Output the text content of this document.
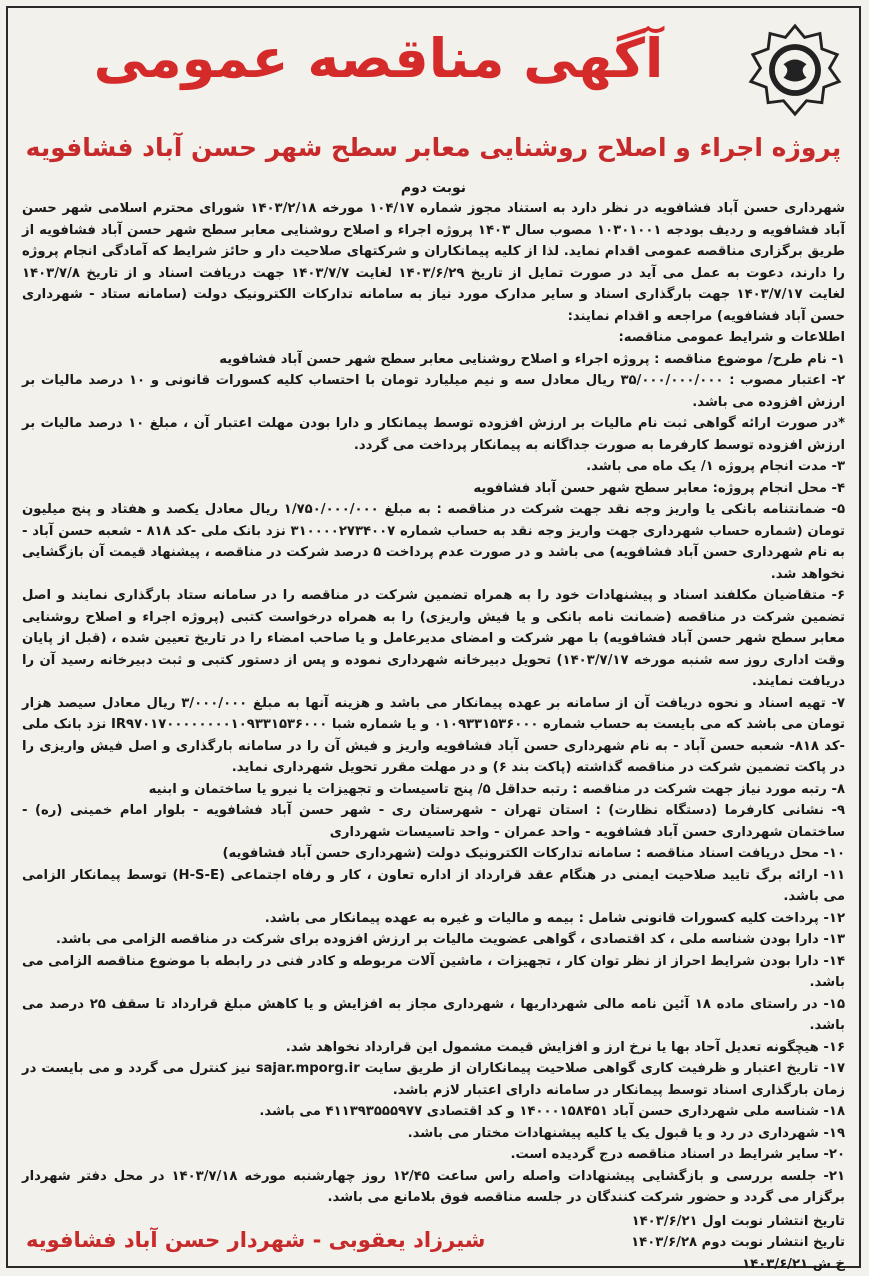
آگهی مناقصه عمومی
پروژه اجراء و اصلاح روشنایی معابر سطح شهر حسن آباد فشافویه
نوبت دوم

شهرداری حسن آباد فشافویه در نظر دارد به استناد مجوز شماره ۱۰۴/۱۷ مورخه ۱۴۰۳/۲/۱۸ شورای محترم اسلامی شهر حسن آباد فشافویه و ردیف بودجه ۱۰۳۰۱۰۰۱ مصوب سال ۱۴۰۳ پروژه اجراء و اصلاح روشنایی معابر سطح شهر حسن آباد فشافویه از طریق برگزاری مناقصه عمومی اقدام نماید. لذا از کلیه پیمانکاران و شرکتهای صلاحیت دار و حائز شرایط که آمادگی انجام پروژه را دارند، دعوت به عمل می آید در صورت تمایل از تاریخ ۱۴۰۳/۶/۲۹ لغایت ۱۴۰۳/۷/۷ جهت دریافت اسناد و از تاریخ ۱۴۰۳/۷/۸ لغایت ۱۴۰۳/۷/۱۷ جهت بارگذاری اسناد و سایر مدارک مورد نیاز به سامانه تدارکات الکترونیک دولت (سامانه ستاد - شهرداری حسن آباد فشافویه) مراجعه و اقدام نمایند:

اطلاعات و شرایط عمومی مناقصه:

۱- نام طرح/ موضوع مناقصه : پروژه اجراء و اصلاح روشنایی معابر سطح شهر حسن آباد فشافویه

۲- اعتبار مصوب : ۳۵/۰۰۰/۰۰۰/۰۰۰ ریال معادل سه و نیم میلیارد تومان با احتساب کلیه کسورات قانونی و ۱۰ درصد مالیات بر ارزش افزوده می باشد.

*در صورت ارائه گواهی ثبت نام مالیات بر ارزش افزوده توسط پیمانکار و دارا بودن مهلت اعتبار آن ، مبلغ ۱۰ درصد مالیات بر ارزش افزوده توسط کارفرما به صورت جداگانه به پیمانکار پرداخت می گردد.

۳- مدت انجام پروژه ۱/ یک ماه می باشد.

۴- محل انجام پروژه: معابر سطح شهر حسن آباد فشافویه

۵- ضمانتنامه بانکی یا واریز وجه نقد جهت شرکت در مناقصه : به مبلغ ۱/۷۵۰/۰۰۰/۰۰۰ ریال معادل یکصد و هفتاد و پنج میلیون تومان (شماره حساب شهرداری جهت واریز وجه نقد به حساب شماره ۳۱۰۰۰۰۲۷۳۴۰۰۷ نزد بانک ملی -کد ۸۱۸ - شعبه حسن آباد - به نام شهرداری حسن آباد فشافویه) می باشد و در صورت عدم پرداخت ۵ درصد شرکت در مناقصه ، پیشنهاد قیمت آن بازگشایی نخواهد شد.

۶- متقاضیان مکلفند اسناد و پیشنهادات خود را به همراه تضمین شرکت در مناقصه را در سامانه ستاد بارگذاری نمایند و اصل تضمین شرکت در مناقصه (ضمانت نامه بانکی و یا فیش واریزی) را به همراه درخواست کتبی (پروژه اجراء و اصلاح روشنایی معابر سطح شهر حسن آباد فشافویه) با مهر شرکت و امضای مدیرعامل و یا صاحب امضاء را در تاریخ تعیین شده ، (قبل از پایان وقت اداری روز سه شنبه مورخه ۱۴۰۳/۷/۱۷) تحویل دبیرخانه شهرداری نموده و پس از دستور کتبی و ثبت دبیرخانه رسید آن را دریافت نمایند.

۷- تهیه اسناد و نحوه دریافت آن از سامانه بر عهده پیمانکار می باشد و هزینه آنها به مبلغ ۳/۰۰۰/۰۰۰ ریال معادل سیصد هزار تومان می باشد که می بایست به حساب شماره ۰۱۰۹۳۳۱۵۳۶۰۰۰ و یا شماره شبا IR۹۷۰۱۷۰۰۰۰۰۰۰۰۱۰۹۳۳۱۵۳۶۰۰۰ نزد بانک ملی -کد ۸۱۸- شعبه حسن آباد - به نام شهرداری حسن آباد فشافویه واریز و فیش آن را در سامانه بارگذاری و اصل فیش واریزی را در پاکت تضمین شرکت در مناقصه گذاشته (پاکت بند ۶) و در مهلت مقرر تحویل شهرداری نماید.

۸- رتبه مورد نیاز جهت شرکت در مناقصه : رتبه حداقل ۵/ پنج تاسیسات و تجهیزات یا نیرو یا ساختمان و ابنیه

۹- نشانی کارفرما (دستگاه نظارت) : استان تهران - شهرستان ری - شهر حسن آباد فشافویه - بلوار امام خمینی (ره) - ساختمان شهرداری حسن آباد فشافویه - واحد عمران - واحد تاسیسات شهرداری

۱۰- محل دریافت اسناد مناقصه : سامانه تدارکات الکترونیک دولت (شهرداری حسن آباد فشافویه)

۱۱- ارائه برگ تایید صلاحیت ایمنی در هنگام عقد قرارداد از اداره تعاون ، کار و رفاه اجتماعی (H-S-E) توسط پیمانکار الزامی می باشد.

۱۲- پرداخت کلیه کسورات قانونی شامل : بیمه و مالیات و غیره به عهده پیمانکار می باشد.

۱۳- دارا بودن شناسه ملی ، کد اقتصادی ، گواهی عضویت مالیات بر ارزش افزوده برای شرکت در مناقصه الزامی می باشد.

۱۴- دارا بودن شرایط احراز از نظر توان کار ، تجهیزات ، ماشین آلات مربوطه و کادر فنی در رابطه با موضوع مناقصه الزامی می باشد.

۱۵- در راستای ماده ۱۸ آئین نامه مالی شهرداریها ، شهرداری مجاز به افزایش و یا کاهش مبلغ قرارداد تا سقف ۲۵ درصد می باشد.

۱۶- هیچگونه تعدیل آحاد بها یا نرخ ارز و افزایش قیمت مشمول این قرارداد نخواهد شد.

۱۷- تاریخ اعتبار و ظرفیت کاری گواهی صلاحیت پیمانکاران از طریق سایت sajar.mporg.ir نیز کنترل می گردد و می بایست در زمان بارگذاری اسناد توسط پیمانکار در سامانه دارای اعتبار لازم باشد.

۱۸- شناسه ملی شهرداری حسن آباد ۱۴۰۰۰۱۵۸۴۵۱ و کد اقتصادی ۴۱۱۳۹۳۵۵۵۹۷۷ می باشد.

۱۹- شهرداری در رد و یا قبول یک یا کلیه پیشنهادات مختار می باشد.

۲۰- سایر شرایط در اسناد مناقصه درج گردیده است.

۲۱- جلسه بررسی و بازگشایی پیشنهادات واصله راس ساعت ۱۲/۴۵ روز چهارشنبه مورخه ۱۴۰۳/۷/۱۸ در محل دفتر شهردار برگزار می گردد و حضور شرکت کنندگان در جلسه مناقصه فوق بلامانع می باشد.

تاریخ انتشار نوبت اول ۱۴۰۳/۶/۲۱
تاریخ انتشار نوبت دوم ۱۴۰۳/۶/۲۸
خ ش ۱۴۰۳/۶/۲۱
شیرزاد یعقوبی - شهردار حسن آباد فشافویه
